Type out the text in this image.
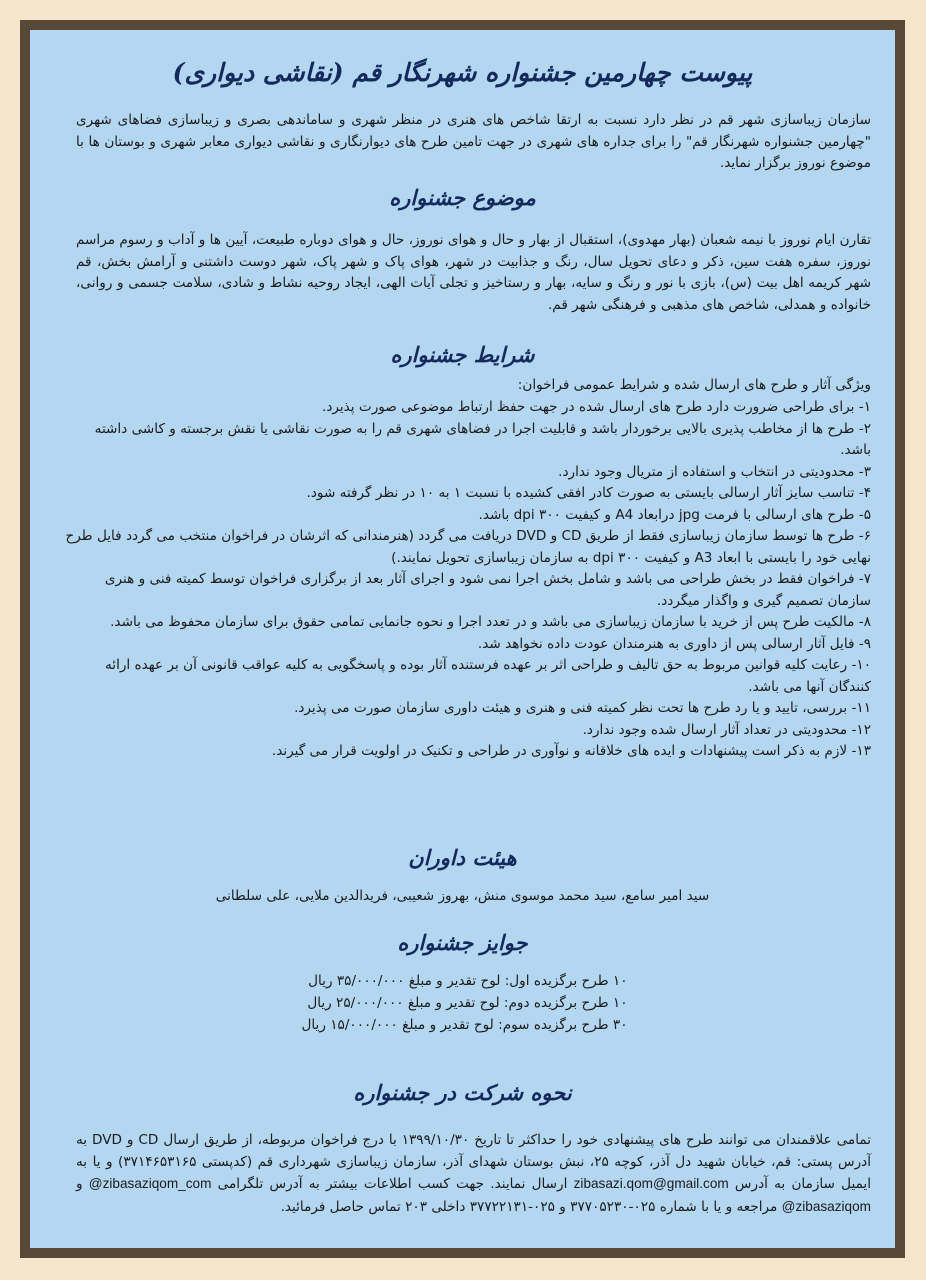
پیوست چهارمین جشنواره شهرنگار قم (نقاشی دیواری)

سازمان زیباسازی شهر قم در نظر دارد نسبت به ارتقا شاخص های هنری در منظر شهری و ساماندهی بصری و زیباسازی فضاهای شهری "چهارمین جشنواره شهرنگار قم" را برای جداره های شهری در جهت تامین طرح های دیوارنگاری و نقاشی دیواری معابر شهری و بوستان ها با موضوع نوروز برگزار نماید.

موضوع جشنواره

تقارن ایام نوروز با نیمه شعبان (بهار مهدوی)، استقبال از بهار و حال و هوای نوروز، حال و هوای دوباره طبیعت، آیین ها و آداب و رسوم مراسم نوروز، سفره هفت سین، ذکر و دعای تحویل سال، رنگ و جذابیت در شهر، هوای پاک و شهر پاک، شهر دوست داشتنی و آرامش بخش، قم شهر کریمه اهل بیت (س)، بازی با نور و رنگ و سایه، بهار و رستاخیز و تجلی آیات الهی، ایجاد روحیه نشاط و شادی، سلامت جسمی و روانی، خانواده و همدلی، شاخص های مذهبی و فرهنگی شهر قم.

شرایط جشنواره

ویژگی آثار و طرح های ارسال شده و شرایط عمومی فراخوان:

۱- برای طراحی ضرورت دارد طرح های ارسال شده در جهت حفظ ارتباط موضوعی صورت پذیرد.
۲- طرح ها از مخاطب پذیری بالایی برخوردار باشد و قابلیت اجرا در فضاهای شهری قم را به صورت نقاشی یا نقش برجسته و کاشی داشته باشد.
۳- محدودیتی در انتخاب و استفاده از متریال وجود ندارد.
۴- تناسب سایز آثار ارسالی بایستی به صورت کادر افقی کشیده با نسبت ۱ به ۱۰ در نظر گرفته شود.
۵- طرح های ارسالی با فرمت jpg درابعاد A4 و کیفیت dpi ۳۰۰ باشد.
۶- طرح ها توسط سازمان زیباسازی فقط از طریق CD و DVD دریافت می گردد (هنرمندانی که اثرشان در فراخوان منتخب می گردد فایل طرح نهایی خود را بایستی با ابعاد A3 و کیفیت dpi ۳۰۰ به سازمان زیباسازی تحویل نمایند.)
۷- فراخوان فقط در بخش طراحی می باشد و شامل بخش اجرا نمی شود و اجرای آثار بعد از برگزاری فراخوان توسط کمیته فنی و هنری سازمان تصمیم گیری و واگذار میگردد.
۸- مالکیت طرح پس از خرید با سازمان زیباسازی می باشد و در تعدد اجرا و نحوه جانمایی تمامی حقوق برای سازمان محفوظ می باشد.
۹- فایل آثار ارسالی پس از داوری به هنرمندان عودت داده نخواهد شد.
۱۰- رعایت کلیه قوانین مربوط به حق تالیف و طراحی اثر بر عهده فرستنده آثار بوده و پاسخگویی به کلیه عواقب قانونی آن بر عهده ارائه کنندگان آنها می باشد.
۱۱- بررسی، تایید و یا رد طرح ها تحت نظر کمیته فنی و هنری و هیئت داوری سازمان صورت می پذیرد.
۱۲- محدودیتی در تعداد آثار ارسال شده وجود ندارد.
۱۳- لازم به ذکر است پیشنهادات و ایده های خلاقانه و نوآوری در طراحی و تکنیک در اولویت قرار می گیرند.
هیئت داوران

سید امیر سامع، سید محمد موسوی منش، بهروز شعیبی، فریدالدین ملایی، علی سلطانی

جوایز جشنواره
۱۰ طرح برگزیده اول: لوح تقدیر و مبلغ ۳۵/۰۰۰/۰۰۰ ریال
۱۰ طرح برگزیده دوم: لوح تقدیر و مبلغ ۲۵/۰۰۰/۰۰۰ ریال
۳۰ طرح برگزیده سوم: لوح تقدیر و مبلغ ۱۵/۰۰۰/۰۰۰ ریال
نحوه شرکت در جشنواره

تمامی علاقمندان می توانند طرح های پیشنهادی خود را حداکثر تا تاریخ ۱۳۹۹/۱۰/۳۰ با درج فراخوان مربوطه، از طریق ارسال CD و DVD به آدرس پستی: قم، خیابان شهید دل آذر، کوچه ۲۵، نبش بوستان شهدای آذر، سازمان زیباسازی شهرداری قم (کدپستی ۳۷۱۴۶۵۳۱۶۵) و یا به ایمیل سازمان به آدرس zibasazi.qom@gmail.com ارسال نمایند. جهت کسب اطلاعات بیشتر به آدرس تلگرامی @zibasaziqom_com و @zibasaziqom مراجعه و یا با شماره ۰۲۵-۳۷۷۰۵۲۳۰ و ۰۲۵-۳۷۷۲۲۱۳۱ داخلی ۲۰۳ تماس حاصل فرمائید.
